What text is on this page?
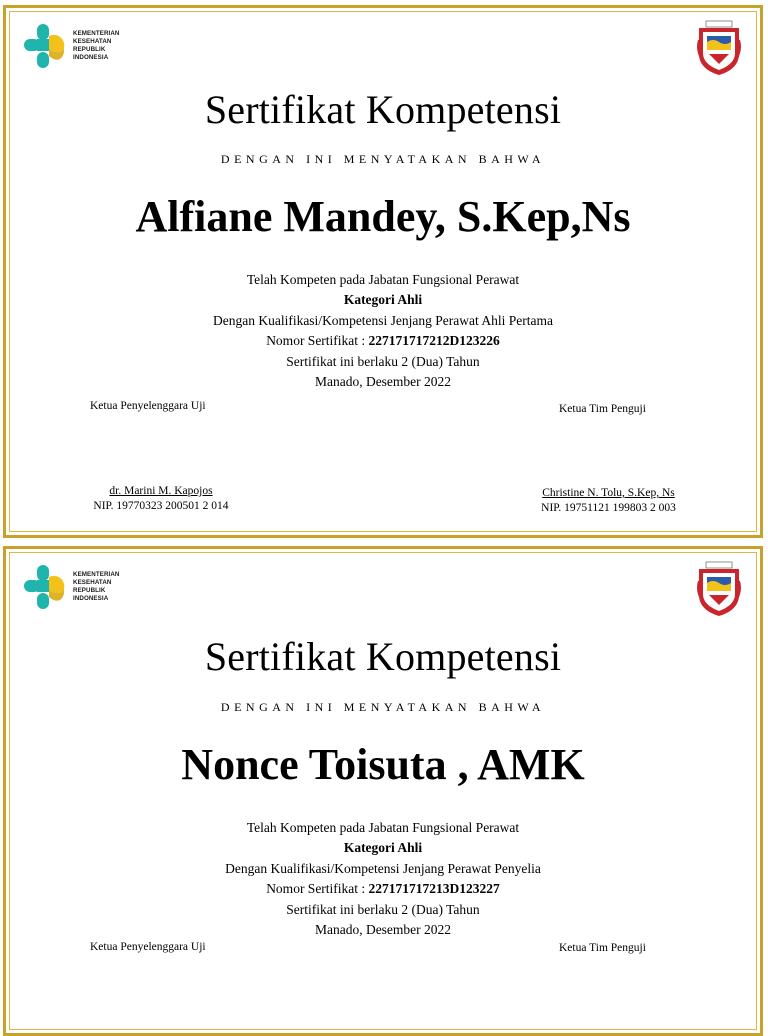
KEMENTERIAN
KESEHATAN
REPUBLIK
INDONESIA
Sertifikat Kompetensi
DENGAN INI MENYATAKAN BAHWA
Alfiane Mandey, S.Kep,Ns
Telah Kompeten pada Jabatan Fungsional Perawat
Kategori Ahli
Dengan Kualifikasi/Kompetensi Jenjang Perawat Ahli Pertama
Nomor Sertifikat : 227171717212D123226
Sertifikat ini berlaku 2 (Dua) Tahun
Manado, Desember 2022
Ketua Penyelenggara Uji	Ketua Tim Penguji
dr. Marini M. Kapojos
NIP. 19770323 200501 2 014
Christine N. Tolu, S.Kep, Ns
NIP. 19751121 199803 2 003
KEMENTERIAN
KESEHATAN
REPUBLIK
INDONESIA
Sertifikat Kompetensi
DENGAN INI MENYATAKAN BAHWA
Nonce Toisuta , AMK
Telah Kompeten pada Jabatan Fungsional Perawat
Kategori Ahli
Dengan Kualifikasi/Kompetensi Jenjang Perawat Penyelia
Nomor Sertifikat : 227171717213D123227
Sertifikat ini berlaku 2 (Dua) Tahun
Manado, Desember 2022
Ketua Penyelenggara Uji	Ketua Tim Penguji
